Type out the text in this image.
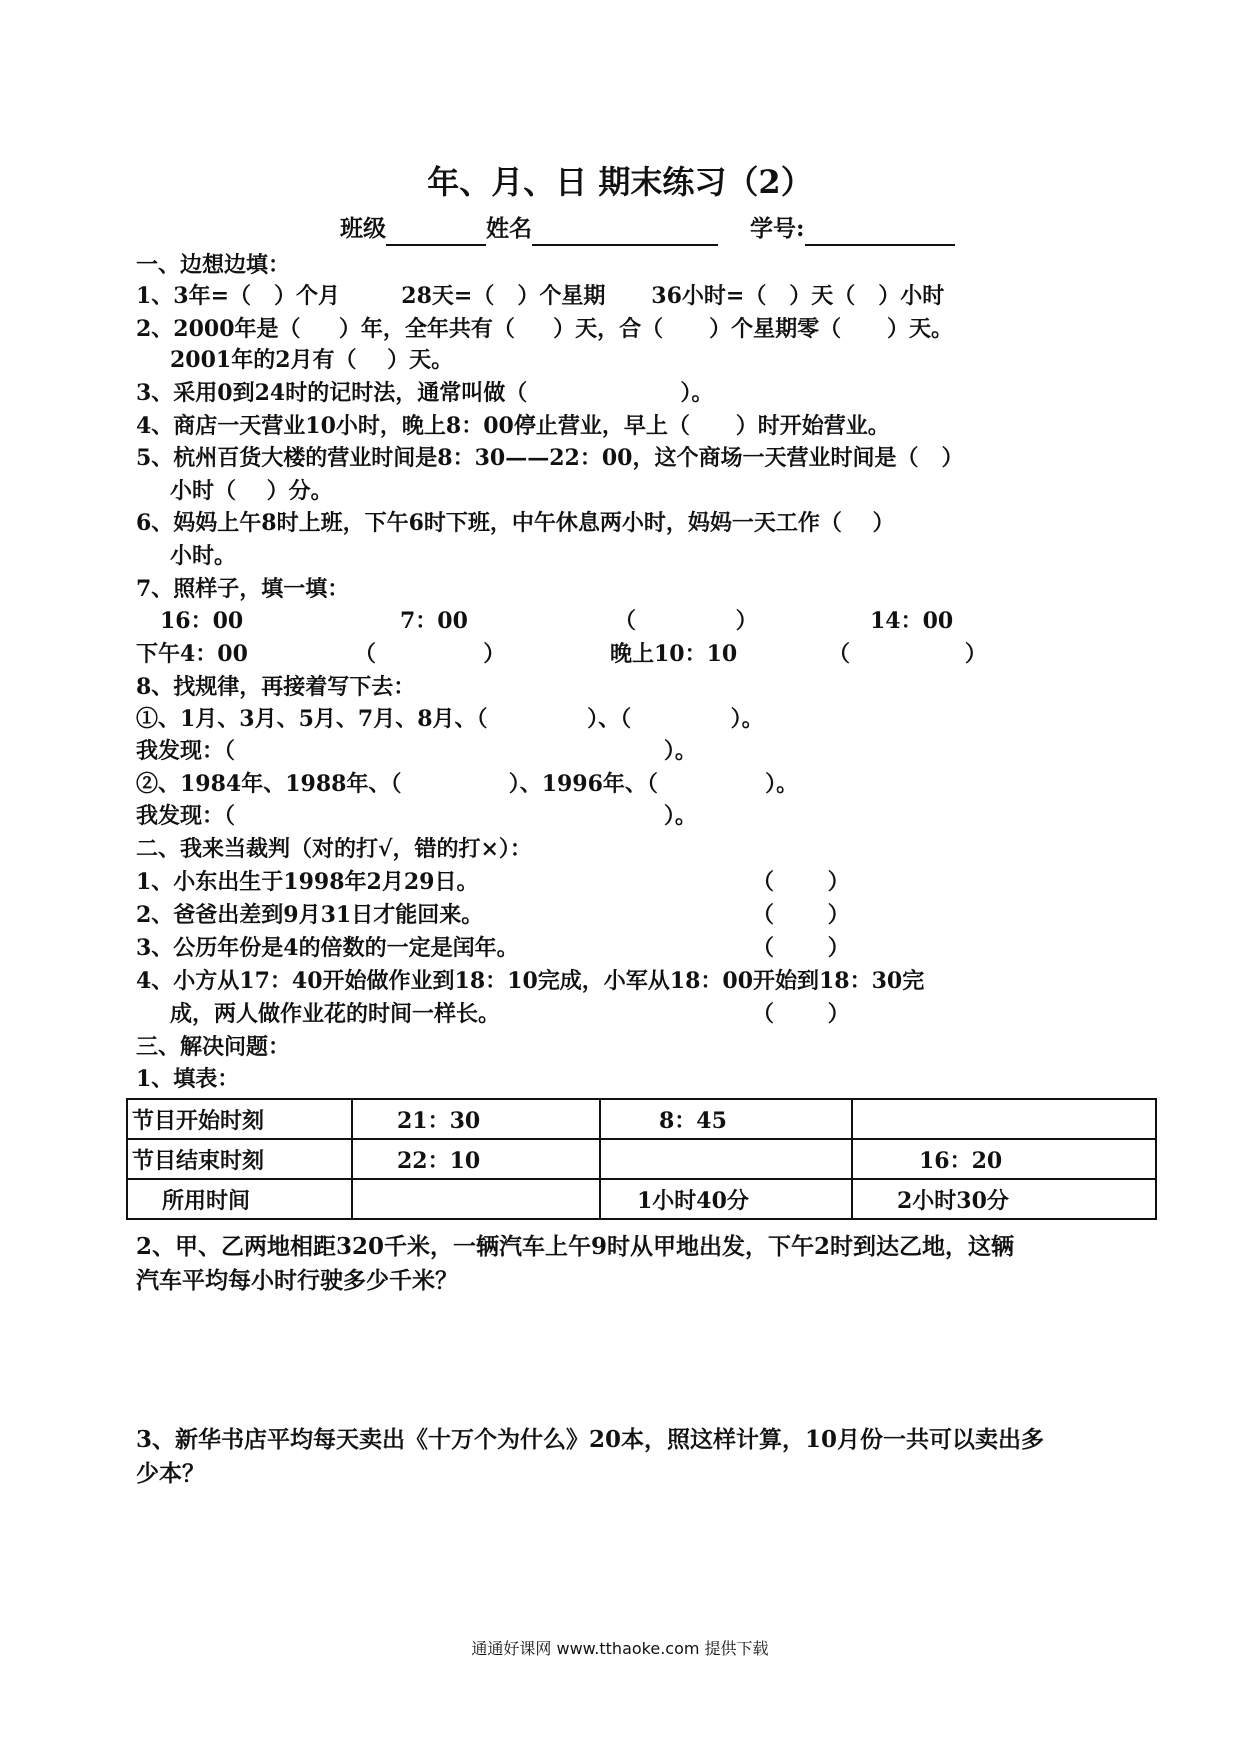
年、月、日 期末练习（2）
班级	姓名	学号:
一、边想边填：
1、3年=（   ）个月        28天=（   ）个星期      36小时=（   ）天（   ）小时
2、2000年是（     ）年，全年共有（     ）天，合（      ）个星期零（      ）天。
2001年的2月有（    ）天。
3、采用0到24时的记时法，通常叫做（                    ）。
4、商店一天营业10小时，晚上8：00停止营业，早上（      ）时开始营业。
5、杭州百货大楼的营业时间是8：30——22：00，这个商场一天营业时间是（   ）
小时（    ）分。
6、妈妈上午8时上班，下午6时下班，中午休息两小时，妈妈一天工作（    ）
小时。
7、照样子，填一填：
16：00	7：00	（             ）	14：00
下午4：00	（              ）	晚上10：10	（               ）
8、找规律，再接着写下去：
①、1月、3月、5月、7月、8月、（             ）、（             ）。
我发现：（                                                        ）。
②、1984年、1988年、（              ）、1996年、（              ）。
我发现：（                                                        ）。
二、我来当裁判（对的打√，错的打×）：
1、小东出生于1998年2月29日。	（       ）
2、爸爸出差到9月31日才能回来。	（       ）
3、公历年份是4的倍数的一定是闰年。	（       ）
4、小方从17：40开始做作业到18：10完成，小军从18：00开始到18：30完
成，两人做作业花的时间一样长。	（       ）
三、解决问题：
1、填表：
节目开始时刻	21：30	8：45	
节目结束时刻	22：10		16：20
所用时间		1小时40分	2小时30分
2、甲、乙两地相距320千米，一辆汽车上午9时从甲地出发，下午2时到达乙地，这辆
汽车平均每小时行驶多少千米？
3、新华书店平均每天卖出《十万个为什么》20本，照这样计算，10月份一共可以卖出多
少本？
通通好课网 www.tthaoke.com 提供下载
